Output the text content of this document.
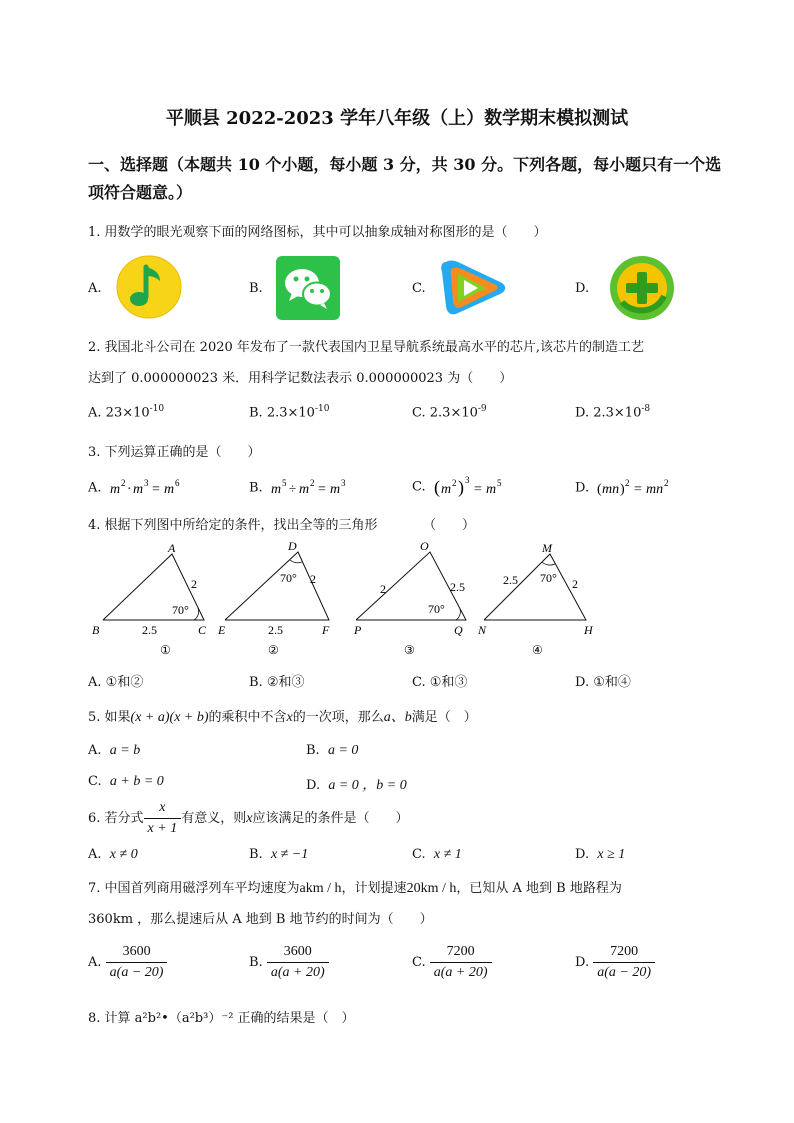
平顺县 2022-2023 学年八年级（上）数学期末模拟测试
一、选择题（本题共 10 个小题，每小题 3 分，共 30 分。下列各题，每小题只有一个选
项符合题意。）
1. 用数学的眼光观察下面的网络图标，其中可以抽象成轴对称图形的是（　　）
A.	B.	C.	D.
2. 我国北斗公司在 2020 年发布了一款代表国内卫星导航系统最高水平的芯片,该芯片的制造工艺
达到了 0.000000023 米．用科学记数法表示 0.000000023 为（　　）
A. $23\times 10^{-10}$	B. $2.3\times 10^{-10}$	C. $2.3\times 10^{-9}$	D. $2.3\times 10^{-8}$
3. 下列运算正确的是（　　）
A. m 2 · m 3 = m 6	B. m 5 ÷ m 2 = m 3	C. ( m 2 ) 3
= m 5	D. ( mn ) 2 = mn 2
4. 根据下列图中所给定的条件，找出全等的三角形　　　　（　　）
A
B	C
2
2.5
70°
①
D
E	F
2
2.5
70°
②
O
P	Q
2	2.5
70°
③
M
N	H
2.5	2
70°
④
A. ①和②	B. ②和③	C. ①和③	D. ①和④
5. 如果(x + a)(x + b)的乘积中不含x的一次项，那么a、b满足（　）
A. a = b	B. a = 0
C. a + b = 0	D. a = 0 ，b = 0
6. 若分式 $\frac{x}{x + 1}$ 有意义，则x应该满足的条件是（　　）
A. x ≠ 0	B. x ≠ −1	C. x ≠ 1	D. x ≥ 1
7. 中国首列商用磁浮列车平均速度为akm / h，计划提速20km / h，已知从 A 地到 B 地路程为
360km ，那么提速后从 A 地到 B 地节约的时间为（　　）
A. $\frac{3600}{a(a - 20)}$	B. $\frac{3600}{a(a + 20)}$	C. $\frac{7200}{a(a + 20)}$	D. $\frac{7200}{a(a - 20)}$
8. 计算 a²b²•（a²b³）⁻² 正确的结果是（　）
